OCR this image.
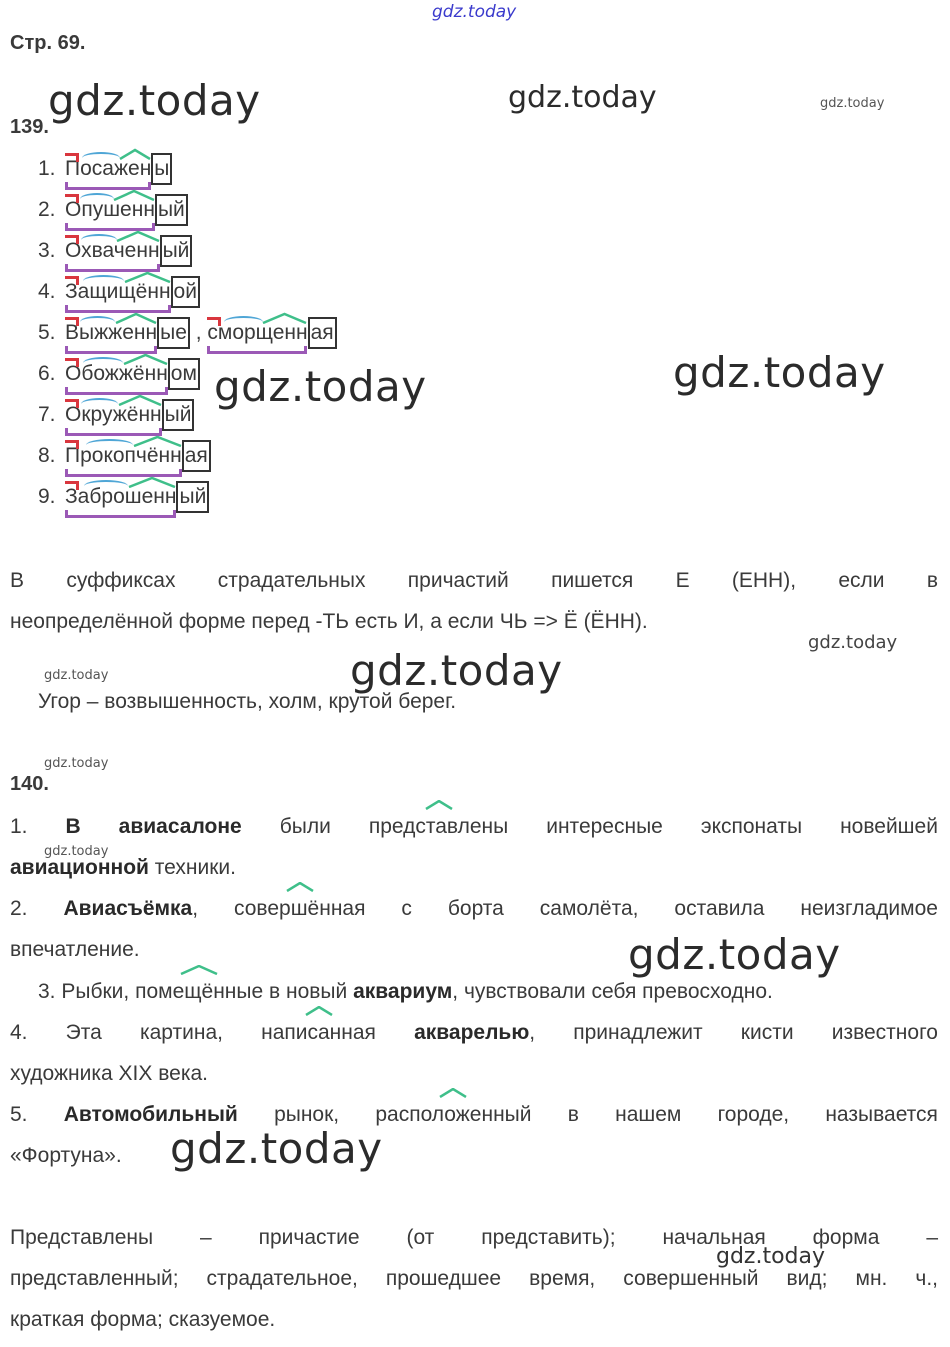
gdz.today
gdz.today	gdz.today	gdz.today
gdz.today	gdz.today
gdz.today
gdz.today	gdz.today
gdz.today
gdz.today
gdz.today
gdz.today
gdz.today
Стр. 69.
139.
1. Посажен ы
2. Опушенн ый
3. Охваченн ый
4. Защищённ ой
5. Выжженн ые , сморщенн ая
6. Обожжённ ом
7. Окружённ ый
8. Прокопчённ ая
9. Заброшенн ый
В суффиксах страдательных причастий пишется Е (ЕНН), если в
неопределённой форме перед -ТЬ есть И, а если ЧЬ => Ё (ЁНН).
Угор – возвышенность, холм, крутой берег.
140.
1. В авиасалоне были представлены интересные экспонаты новейшей
авиационной техники.
2. Авиасъёмка, совершённая с борта самолёта, оставила неизгладимое
впечатление.
3. Рыбки,
помещённые в новый аквариум, чувствовали себя превосходно.
4. Эта картина, написанная акварелью, принадлежит кисти известного
художника XIX века.
5. Автомобильный рынок, расположенный в нашем городе, называется
«Фортуна».
Представлены – причастие (от представить); начальная форма –
представленный; страдательное, прошедшее время, совершенный вид; мн. ч.,
краткая форма; сказуемое.
